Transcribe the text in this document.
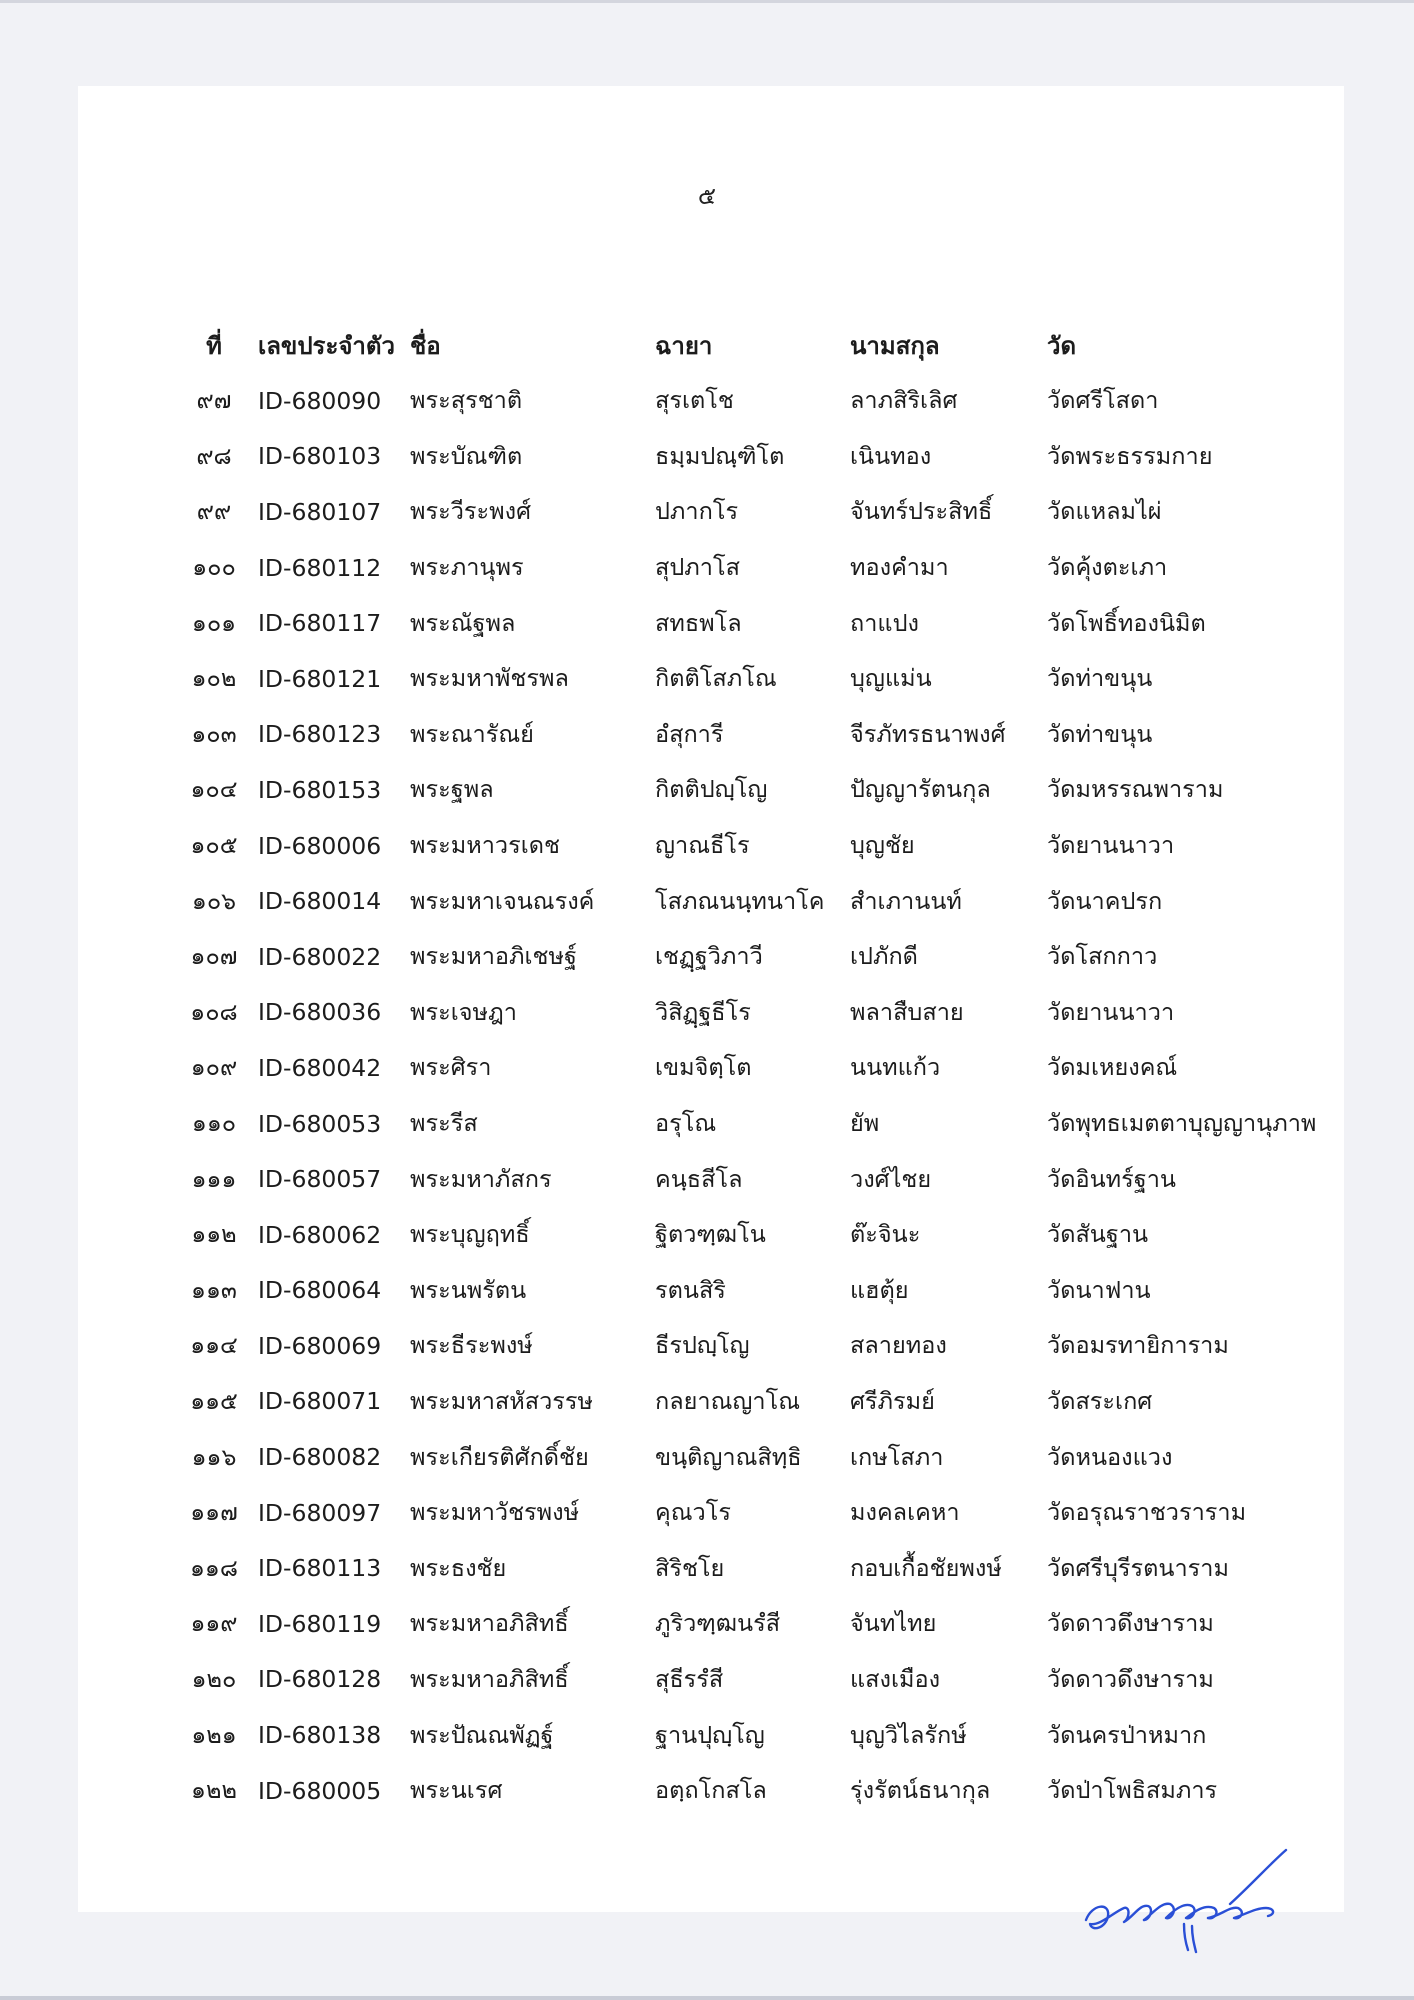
๕
ที่	เลขประจำตัว	ชื่อ	ฉายา	นามสกุล	วัด
๙๗	ID-680090	พระสุรชาติ	สุรเตโช	ลาภสิริเลิศ	วัดศรีโสดา
๙๘	ID-680103	พระบัณฑิต	ธมฺมปณฺฑิโต	เนินทอง	วัดพระธรรมกาย
๙๙	ID-680107	พระวีระพงศ์	ปภากโร	จันทร์ประสิทธิ์	วัดแหลมไผ่
๑๐๐	ID-680112	พระภานุพร	สุปภาโส	ทองคำมา	วัดคุ้งตะเภา
๑๐๑	ID-680117	พระณัฐพล	สทธพโล	ถาแปง	วัดโพธิ์ทองนิมิต
๑๐๒	ID-680121	พระมหาพัชรพล	กิตติโสภโณ	บุญแม่น	วัดท่าขนุน
๑๐๓	ID-680123	พระณารัณย์	อํสุการี	จีรภัทรธนาพงศ์	วัดท่าขนุน
๑๐๔	ID-680153	พระฐพล	กิตติปญฺโญ	ปัญญารัตนกุล	วัดมหรรณพาราม
๑๐๕	ID-680006	พระมหาวรเดช	ญาณธีโร	บุญชัย	วัดยานนาวา
๑๐๖	ID-680014	พระมหาเจนณรงค์	โสภณนนฺทนาโค	สำเภานนท์	วัดนาคปรก
๑๐๗	ID-680022	พระมหาอภิเชษฐ์	เชฏฺฐวิภาวี	เปภักดี	วัดโสกกาว
๑๐๘	ID-680036	พระเจษฎา	วิสิฏฺฐธีโร	พลาสืบสาย	วัดยานนาวา
๑๐๙	ID-680042	พระศิรา	เขมจิตฺโต	นนทแก้ว	วัดมเหยงคณ์
๑๑๐	ID-680053	พระรีส	อรุโณ	ยัพ	วัดพุทธเมตตาบุญญานุภาพ
๑๑๑	ID-680057	พระมหาภัสกร	คนฺธสีโล	วงศ์ไชย	วัดอินทร์ฐาน
๑๑๒	ID-680062	พระบุญฤทธิ์	ฐิตวฑฺฒโน	ต๊ะจินะ	วัดสันฐาน
๑๑๓	ID-680064	พระนพรัตน	รตนสิริ	แฮตุ้ย	วัดนาฟาน
๑๑๔	ID-680069	พระธีระพงษ์	ธีรปญฺโญ	สลายทอง	วัดอมรทายิการาม
๑๑๕	ID-680071	พระมหาสหัสวรรษ	กลยาณญาโณ	ศรีภิรมย์	วัดสระเกศ
๑๑๖	ID-680082	พระเกียรติศักดิ์ชัย	ขนฺติญาณสิทฺธิ	เกษโสภา	วัดหนองแวง
๑๑๗	ID-680097	พระมหาวัชรพงษ์	คุณวโร	มงคลเคหา	วัดอรุณราชวราราม
๑๑๘	ID-680113	พระธงชัย	สิริชโย	กอบเกื้อชัยพงษ์	วัดศรีบุรีรตนาราม
๑๑๙	ID-680119	พระมหาอภิสิทธิ์	ภูริวฑฺฒนรํสี	จันทไทย	วัดดาวดึงษาราม
๑๒๐	ID-680128	พระมหาอภิสิทธิ์	สุธีรรํสี	แสงเมือง	วัดดาวดึงษาราม
๑๒๑	ID-680138	พระปัณณพัฏฐ์	ฐานปุญฺโญ	บุญวิไลรักษ์	วัดนครป่าหมาก
๑๒๒	ID-680005	พระนเรศ	อตฺถโกสโล	รุ่งรัตน์ธนากุล	วัดป่าโพธิสมภาร
